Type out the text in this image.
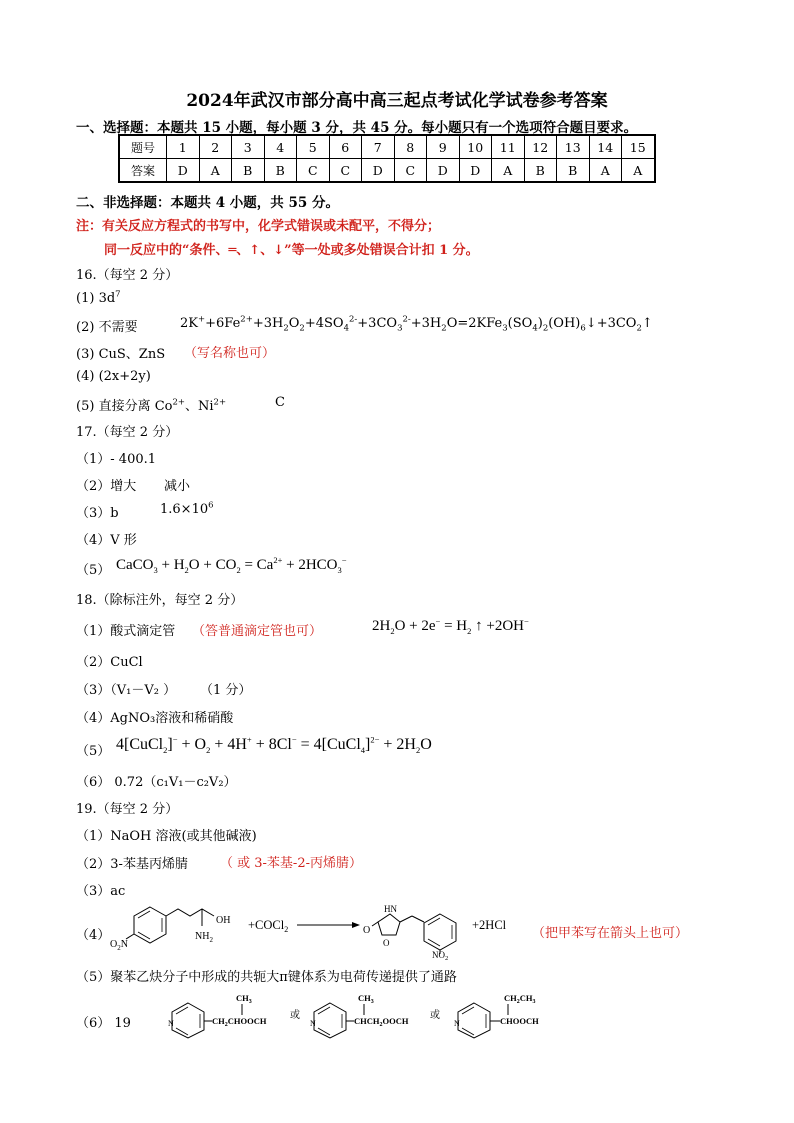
2024年武汉市部分高中高三起点考试化学试卷参考答案
一、选择题：本题共 15 小题，每小题 3 分，共 45 分。每小题只有一个选项符合题目要求。
题号	1	2	3	4	5	6	7	8	9	10	11	12	13	14	15
答案	D	A	B	B	C	C	D	C	D	D	A	B	B	A	A
二、非选择题：本题共 4 小题，共 55 分。
注：有关反应方程式的书写中，化学式错误或未配平，不得分；
同一反应中的“条件、═、↑、↓”等一处或多处错误合计扣 1 分。
16.（每空 2 分）
(1) $3d^7$
(2) 不需要	$2K^++6Fe^{2+}+3H_2O_2+4SO_4^{2-}+3CO_3^{2-}+3H_2O=2KFe_3(SO_4)_2(OH)_6↓+3CO_2↑$
(3) CuS、ZnS （写名称也可）
(4) (2x+2y)
(5) 直接分离 $Co^{2+}$、$Ni^{2+}$	C
17.（每空 2 分）
（1）- 400.1
（2）增大 减小
（3）b	$1.6\times 10^6$
（4）V 形
（5） CaCO$_3$ + $H_2O + CO_2 = Ca^{2+} + 2HCO_3^-$
18.（除标注外，每空 2 分）
（1）酸式滴定管 （答普通滴定管也可）	$2H_2O + 2e^- = H_2$ ↑ +2OH−
（2）CuCl
（3）（V₁－V₂ ） （1 分）
（4）AgNO₃溶液和稀硝酸
（5） 4[CuCl$_2$]− + $O_2 + 4H^+ + 8Cl^-$ = 4[CuCl$_4$]$^{2-}$ + $2H_2O$
（6） 0.72（c₁V₁－c₂V₂）
19.（每空 2 分）
（1）NaOH 溶液(或其他碱液)
（2）3-苯基丙烯腈 （ 或 3-苯基-2-丙烯腈）
（3）ac
（4）
$O_2N$
$NH_2$
OH +COCl$_2$
HN
O
O
$NO_2$
+2HCl
（把甲苯写在箭头上也可）
（5）聚苯乙炔分子中形成的共轭大π键体系为电荷传递提供了通路
（6） 19	N	$CH_2CHOOCH$
$CH_3$
或
N	$CHCH_2OOCH$
$CH_3$
或
N	CHOOCH
$CH_2CH_3$
